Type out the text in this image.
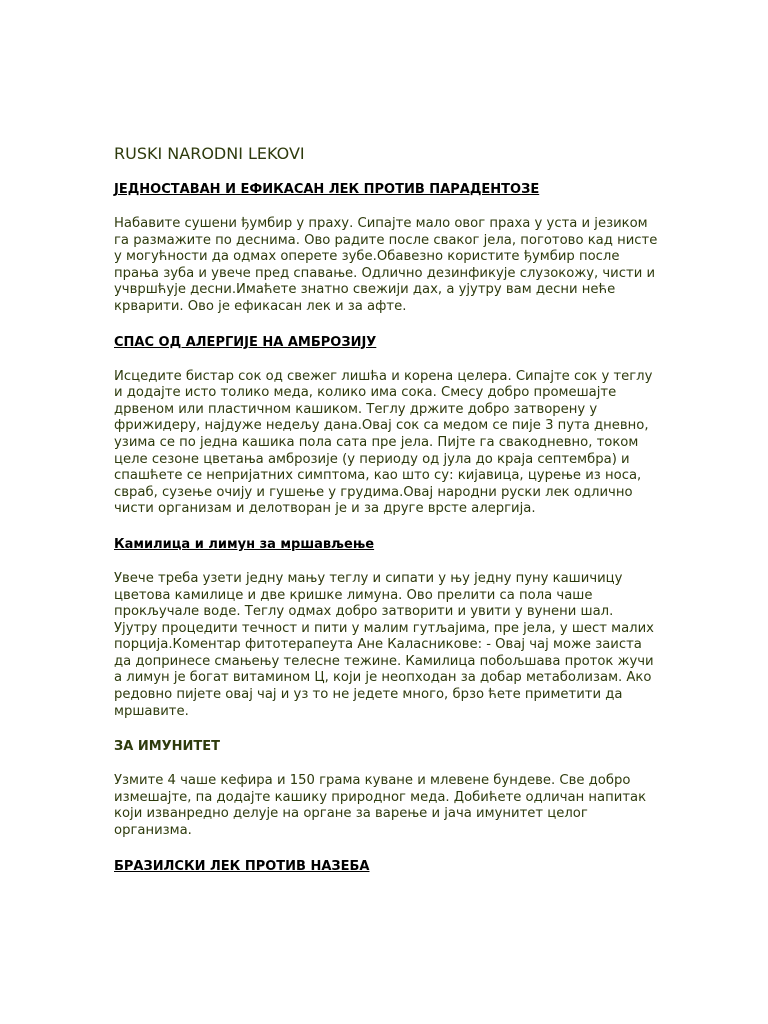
RUSKI NARODNI LEKOVI
ЈЕДНОСТАВАН И ЕФИКАСАН ЛЕК ПРОТИВ ПАРАДЕНТОЗЕ

Набавите сушени ђумбир у праху. Сипајте мало овог праха у уста и језиком га размажите по деснима. Ово радите после сваког јела, поготово кад нисте у могућности да одмах оперете зубе.Обавезно користите ђумбир после прања зуба и увече пред спавање. Одлично дезинфикује слузокожу, чисти и учвршћује десни.Имаћете знатно свежији дах, а ујутру вам десни неће крварити. Ово је ефикасан лек и за афте.

СПАС ОД АЛЕРГИЈЕ НА АМБРОЗИЈУ

Исцедите бистар сок од свежег лишћа и корена целера. Сипајте сок у теглу и додајте исто толико меда, колико има сока. Смесу добро промешајте дрвеном или пластичном кашиком. Теглу држите добро затворену у фрижидеру, најдуже недељу дана.Овај сок са медом се пије 3 пута дневно, узима се по једна кашика пола сата пре јела. Пијте га свакодневно, током целе сезоне цветања амброзије (у периоду од јула до краја септембра) и спашћете се непријатних симптома, као што су: кијавица, цурење из носа, свраб, сузење очију и гушење у грудима.Овај народни руски лек одлично чисти организам и делотворан је и за друге врсте алергија.

Камилица и лимун за мршављење

Увече треба узети једну мању теглу и сипати у њу једну пуну кашичицу цветова камилице и две кришке лимуна. Ово прелити са пола чаше прокључале воде. Теглу одмах добро затворити и увити у вунени шал. Ујутру процедити течност и пити у малим гутљајима, пре јела, у шест малих порција.Коментар фитотерапеута Ане Каласникове: - Овај чај може заиста да допринесе смањењу телесне тежине. Камилица побољшава проток жучи а лимун је богат витамином Ц, који је неопходан за добар метаболизам. Ако редовно пијете овај чај и уз то не једете много, брзо ћете приметити да мршавите.

ЗА ИМУНИТЕТ

Узмите 4 чаше кефира и 150 грама куване и млевене бундеве. Све добро измешајте, па додајте кашику природног меда. Добићете одличан напитак који изванредно делује на органе за варење и јача имунитет целог организма.

БРАЗИЛСКИ ЛЕК ПРОТИВ НАЗЕБА
